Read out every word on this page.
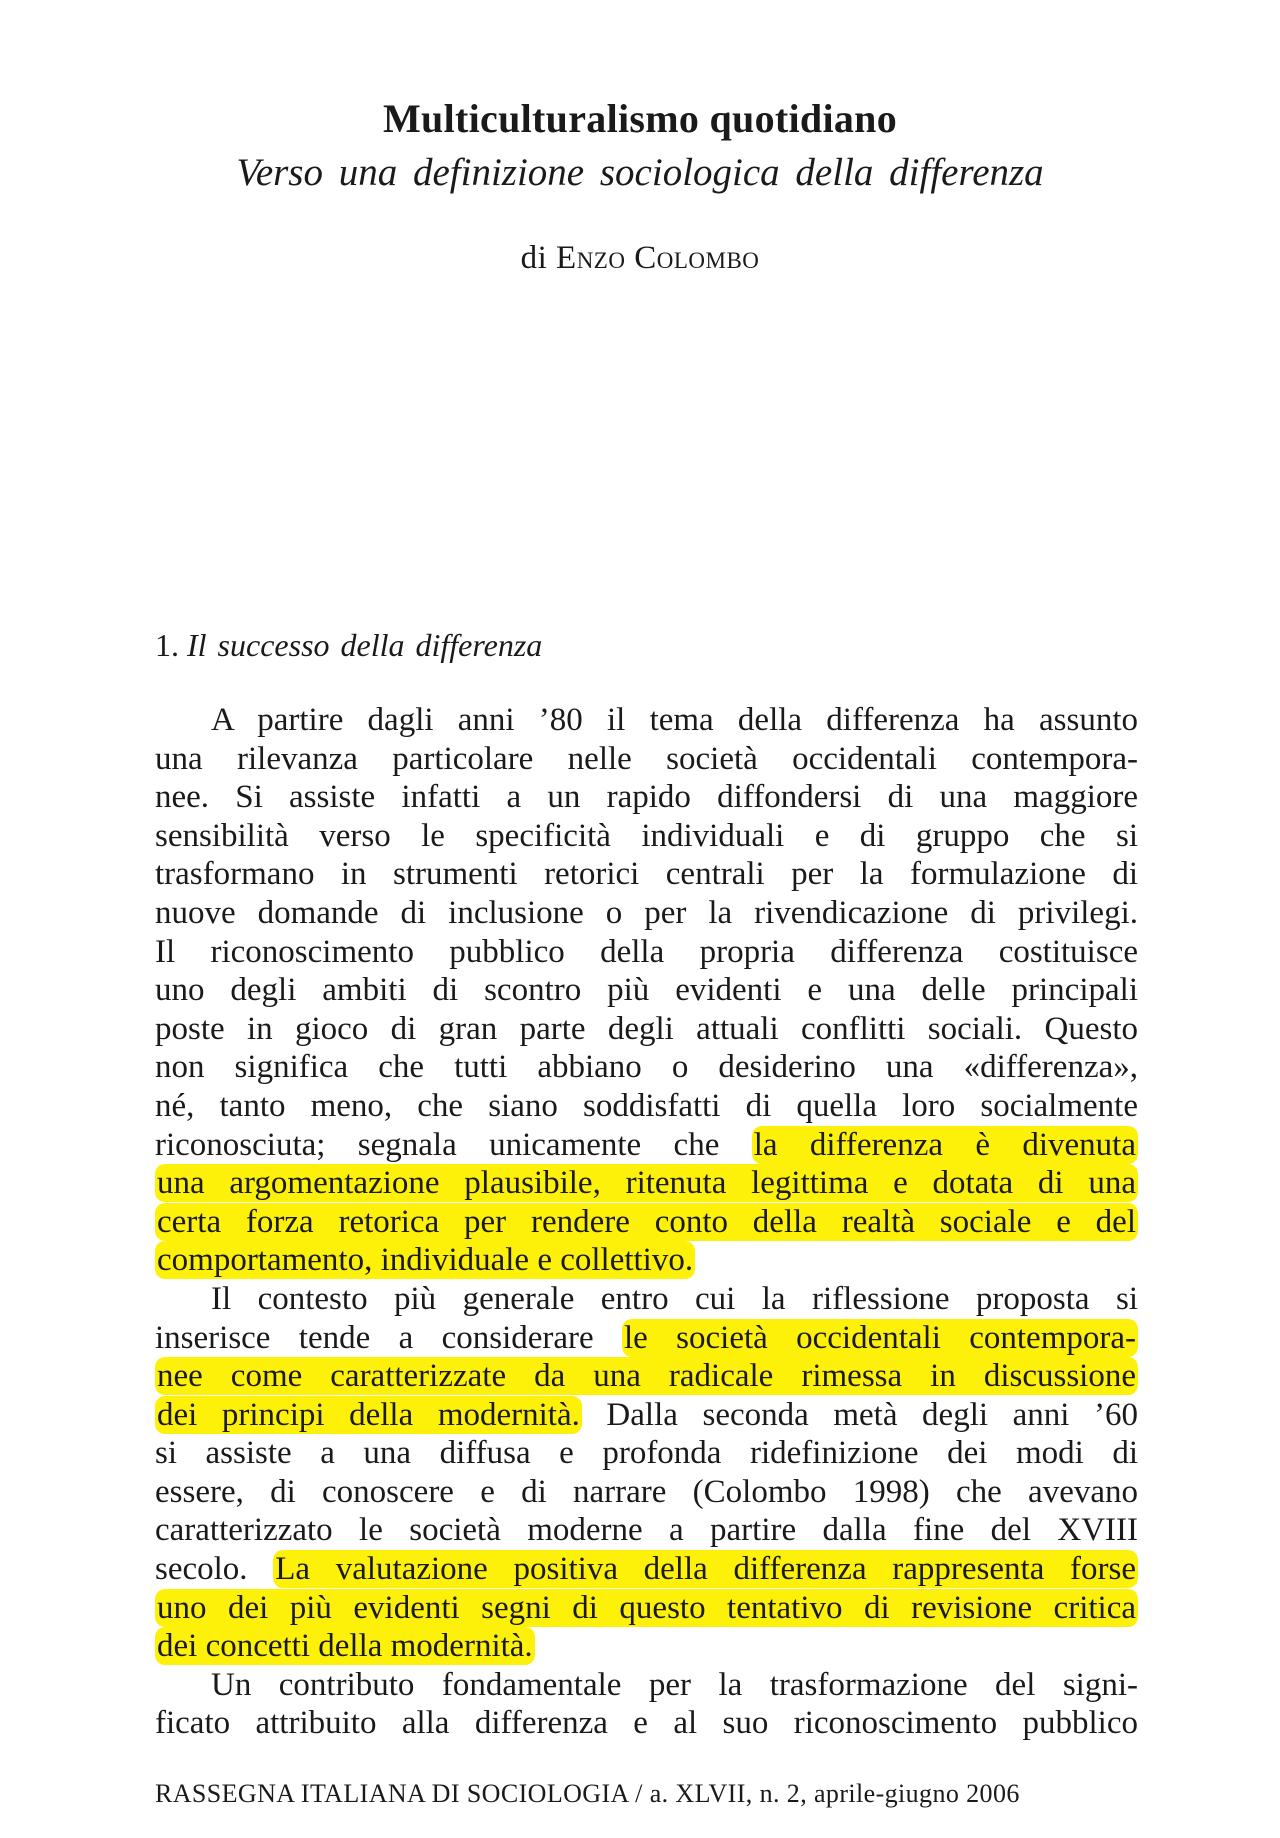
Multiculturalismo quotidiano
Verso una definizione sociologica della differenza
di Enzo Colombo
1. Il successo della differenza
A partire dagli anni ’80 il tema della differenza ha assunto
una rilevanza particolare nelle società occidentali contempora-
nee. Si assiste infatti a un rapido diffondersi di una maggiore
sensibilità verso le specificità individuali e di gruppo che si
trasformano in strumenti retorici centrali per la formulazione di
nuove domande di inclusione o per la rivendicazione di privilegi.
Il riconoscimento pubblico della propria differenza costituisce
uno degli ambiti di scontro più evidenti e una delle principali
poste in gioco di gran parte degli attuali conflitti sociali. Questo
non significa che tutti abbiano o desiderino una «differenza»,
né, tanto meno, che siano soddisfatti di quella loro socialmente
riconosciuta; segnala unicamente che la differenza è divenuta
una argomentazione plausibile, ritenuta legittima e dotata di una
certa forza retorica per rendere conto della realtà sociale e del
comportamento, individuale e collettivo.
Il contesto più generale entro cui la riflessione proposta si
inserisce tende a considerare le società occidentali contempora-
nee come caratterizzate da una radicale rimessa in discussione
dei principi della modernità. Dalla seconda metà degli anni ’60
si assiste a una diffusa e profonda ridefinizione dei modi di
essere, di conoscere e di narrare (Colombo 1998) che avevano
caratterizzato le società moderne a partire dalla fine del XVIII
secolo. La valutazione positiva della differenza rappresenta forse
uno dei più evidenti segni di questo tentativo di revisione critica
dei concetti della modernità.
Un contributo fondamentale per la trasformazione del signi-
ficato attribuito alla differenza e al suo riconoscimento pubblico
RASSEGNA ITALIANA DI SOCIOLOGIA / a. XLVII, n. 2, aprile-giugno 2006
